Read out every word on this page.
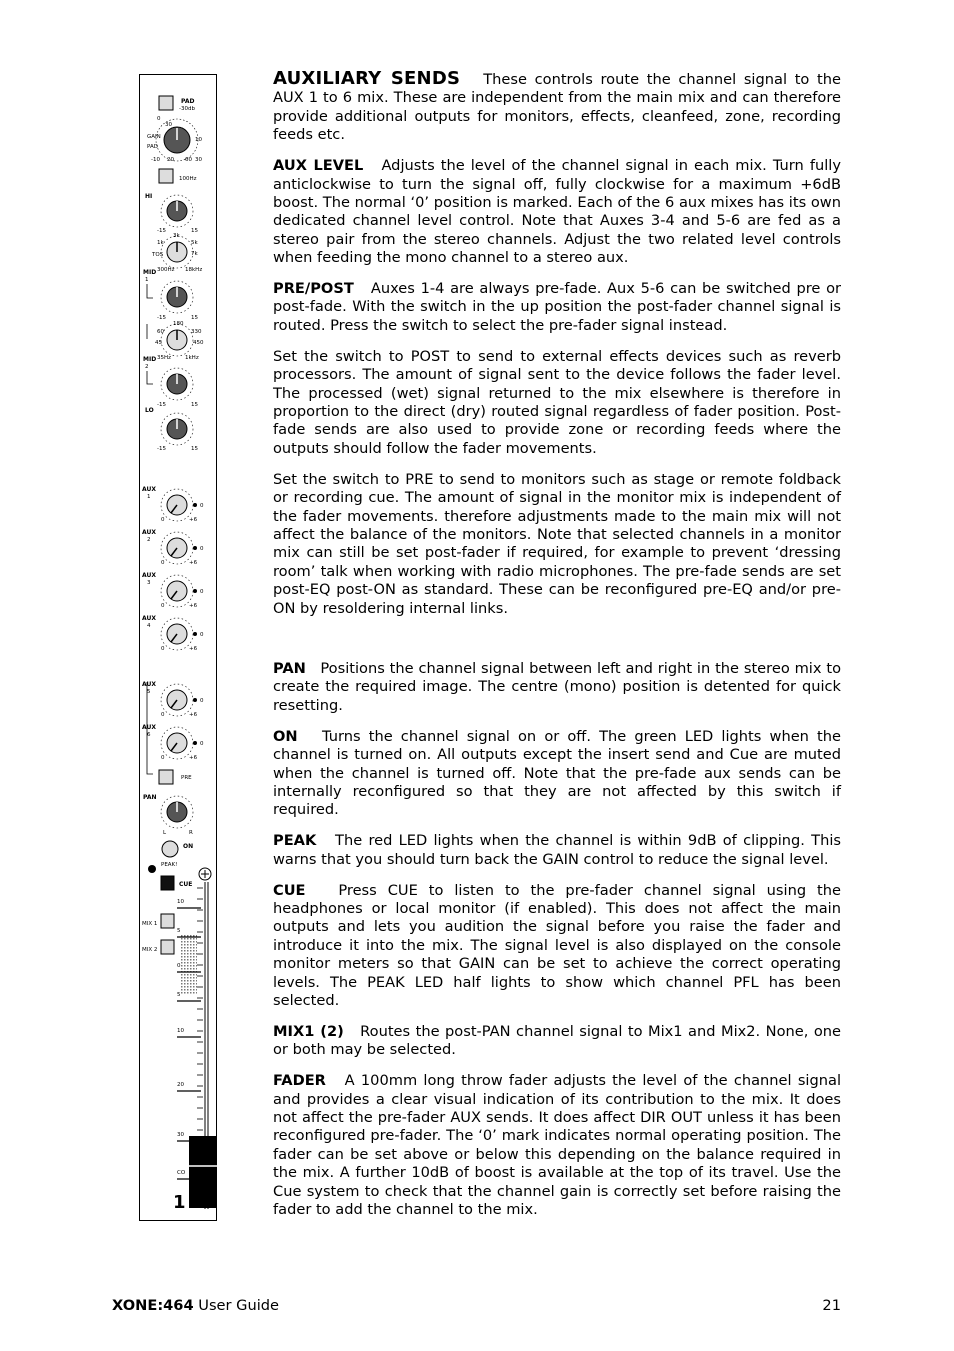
PAD
-30db
GAIN
PAD
0
30
10
-10 20 60 30
100Hz
HI
-15	15
3k
1k	5k
7k
TOS
300Hz 18kHz
MID
1
-15	15
180
60	330
450
45
35Hz	1kHz
MID
2
-15	15
LO
-15	15
AUX
1
0
+6
0
AUX
2
0
+6
0
AUX
3
0
+6
0
AUX
4
0
+6
0
AUX
5
0
+6
0
AUX
6
0
+6
0
PRE
PAN
L	R
ON
PEAK!
CUE
MIX 1
MIX 2
10
5
0
5
10
20
30
CO
1

AUXILIARY SENDS These controls route the channel signal to the AUX 1 to 6 mix. These are independent from the main mix and can therefore provide additional outputs for monitors, effects, cleanfeed, zone, recording feeds etc.

AUX LEVEL Adjusts the level of the channel signal in each mix. Turn fully anticlockwise to turn the signal off, fully clockwise for a maximum +6dB boost. The normal ‘0’ position is marked. Each of the 6 aux mixes has its own dedicated channel level control. Note that Auxes 3-4 and 5-6 are fed as a stereo pair from the stereo channels. Adjust the two related level controls when feeding the mono channel to a stereo aux.

PRE/POST Auxes 1-4 are always pre-fade. Aux 5-6 can be switched pre or post-fade. With the switch in the up position the post-fader channel signal is routed. Press the switch to select the pre-fader signal instead.

Set the switch to POST to send to external effects devices such as reverb processors. The amount of signal sent to the device follows the fader level. The processed (wet) signal returned to the mix elsewhere is therefore in proportion to the direct (dry) routed signal regardless of fader position. Post-fade sends are also used to provide zone or recording feeds where the outputs should follow the fader movements.

Set the switch to PRE to send to monitors such as stage or remote foldback or recording cue. The amount of signal in the monitor mix is independent of the fader movements. therefore adjustments made to the main mix will not affect the balance of the monitors. Note that selected channels in a monitor mix can still be set post-fader if required, for example to prevent ‘dressing room’ talk when working with radio microphones. The pre-fade sends are set post-EQ post-ON as standard. These can be reconfigured pre-EQ and/or pre-ON by resoldering internal links.

PAN Positions the channel signal between left and right in the stereo mix to create the required image. The centre (mono) position is detented for quick resetting.

ON Turns the channel signal on or off. The green LED lights when the channel is turned on. All outputs except the insert send and Cue are muted when the channel is turned off. Note that the pre-fade aux sends can be internally reconfigured so that they are not affected by this switch if required.

PEAK The red LED lights when the channel is within 9dB of clipping. This warns that you should turn back the GAIN control to reduce the signal level.

CUE Press CUE to listen to the pre-fader channel signal using the headphones or local monitor (if enabled). This does not affect the main outputs and lets you audition the signal before you raise the fader and introduce it into the mix. The signal level is also displayed on the console monitor meters so that GAIN can be set to achieve the correct operating levels. The PEAK LED half lights to show which channel PFL has been selected.

MIX1 (2) Routes the post-PAN channel signal to Mix1 and Mix2. None, one or both may be selected.

FADER A 100mm long throw fader adjusts the level of the channel signal and provides a clear visual indication of its contribution to the mix. It does not affect the pre-fader AUX sends. It does affect DIR OUT unless it has been reconfigured pre-fader. The ‘0’ mark indicates normal operating position. The fader can be set above or below this depending on the balance required in the mix. A further 10dB of boost is available at the top of its travel. Use the Cue system to check that the channel gain is correctly set before raising the fader to add the channel to the mix.

XONE:464 User Guide	21
